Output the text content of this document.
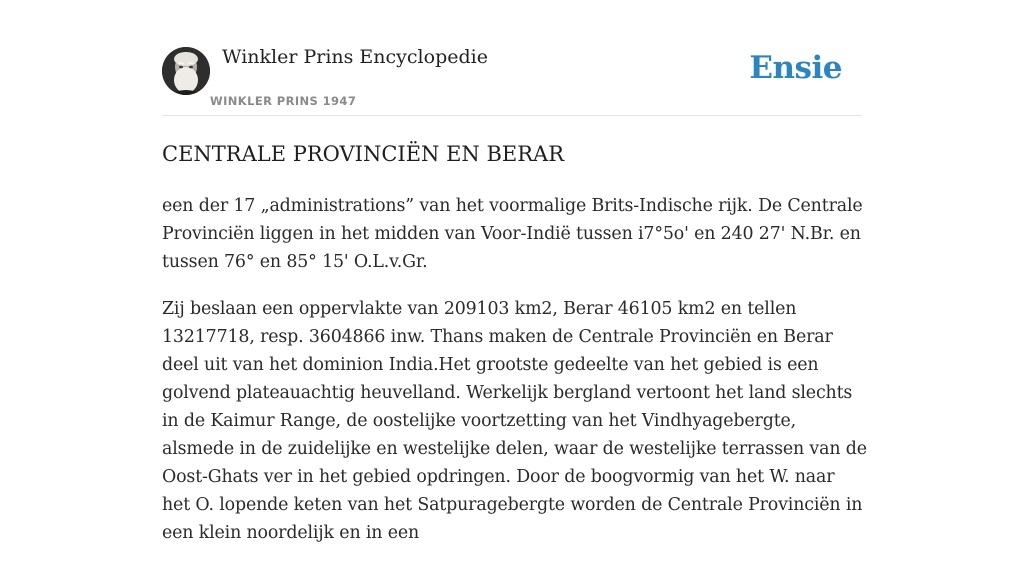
Winkler Prins Encyclopedie
WINKLER PRINS 1947
Ensie
CENTRALE PROVINCIËN EN BERAR

een der 17 „administrations” van het voormalige Brits-Indische rijk. De Centrale Provinciën liggen in het midden van Voor-Indië tussen i7°5o' en 240 27' N.Br. en tussen 76° en 85° 15' O.L.v.Gr.

Zij beslaan een oppervlakte van 209103 km2, Berar 46105 km2 en tellen 13217718, resp. 3604866 inw. Thans maken de Centrale Provinciën en Berar deel uit van het dominion India.Het grootste gedeelte van het gebied is een golvend plateauachtig heuvelland. Werkelijk bergland vertoont het land slechts in de Kaimur Range, de oostelijke voortzetting van het Vindhyagebergte, alsmede in de zuidelijke en westelijke delen, waar de westelijke terrassen van de Oost-Ghats ver in het gebied opdringen. Door de boogvormig van het W. naar het O. lopende keten van het Satpuragebergte worden de Centrale Provinciën in een klein noordelijk en in een
